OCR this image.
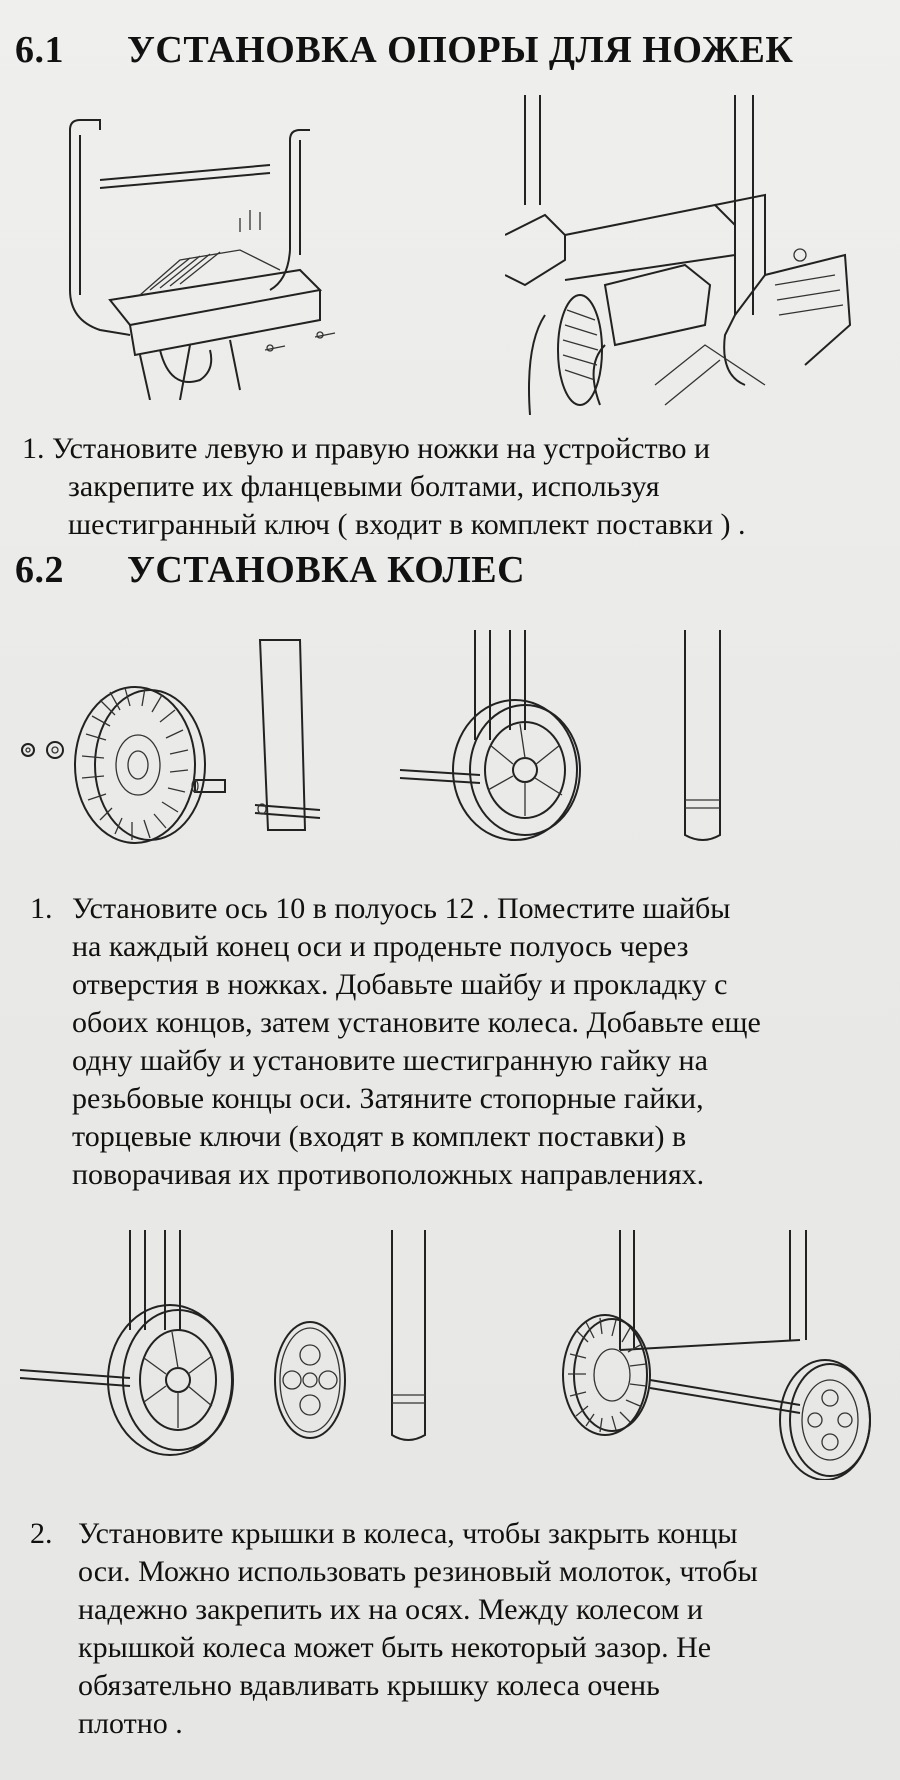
6.1	УСТАНОВКА ОПОРЫ ДЛЯ НОЖЕК

1. Установите левую и правую ножки на устройство и
закрепите их фланцевыми болтами, используя
шестигранный ключ ( входит в комплект поставки ) .

6.2	УСТАНОВКА КОЛЕС

1. Установите ось 10 в полуось 12 . Поместите шайбы
на каждый конец оси и проденьте полуось через
отверстия в ножках. Добавьте шайбу и прокладку с
обоих концов, затем установите колеса. Добавьте еще
одну шайбу и установите шестигранную гайку на
резьбовые концы оси. Затяните стопорные гайки,
торцевые ключи (входят в комплект поставки) в
поворачивая их противоположных направлениях.

2. Установите крышки в колеса, чтобы закрыть концы
оси. Можно использовать резиновый молоток, чтобы
надежно закрепить их на осях. Между колесом и
крышкой колеса может быть некоторый зазор. Не
обязательно вдавливать крышку колеса очень
плотно .
